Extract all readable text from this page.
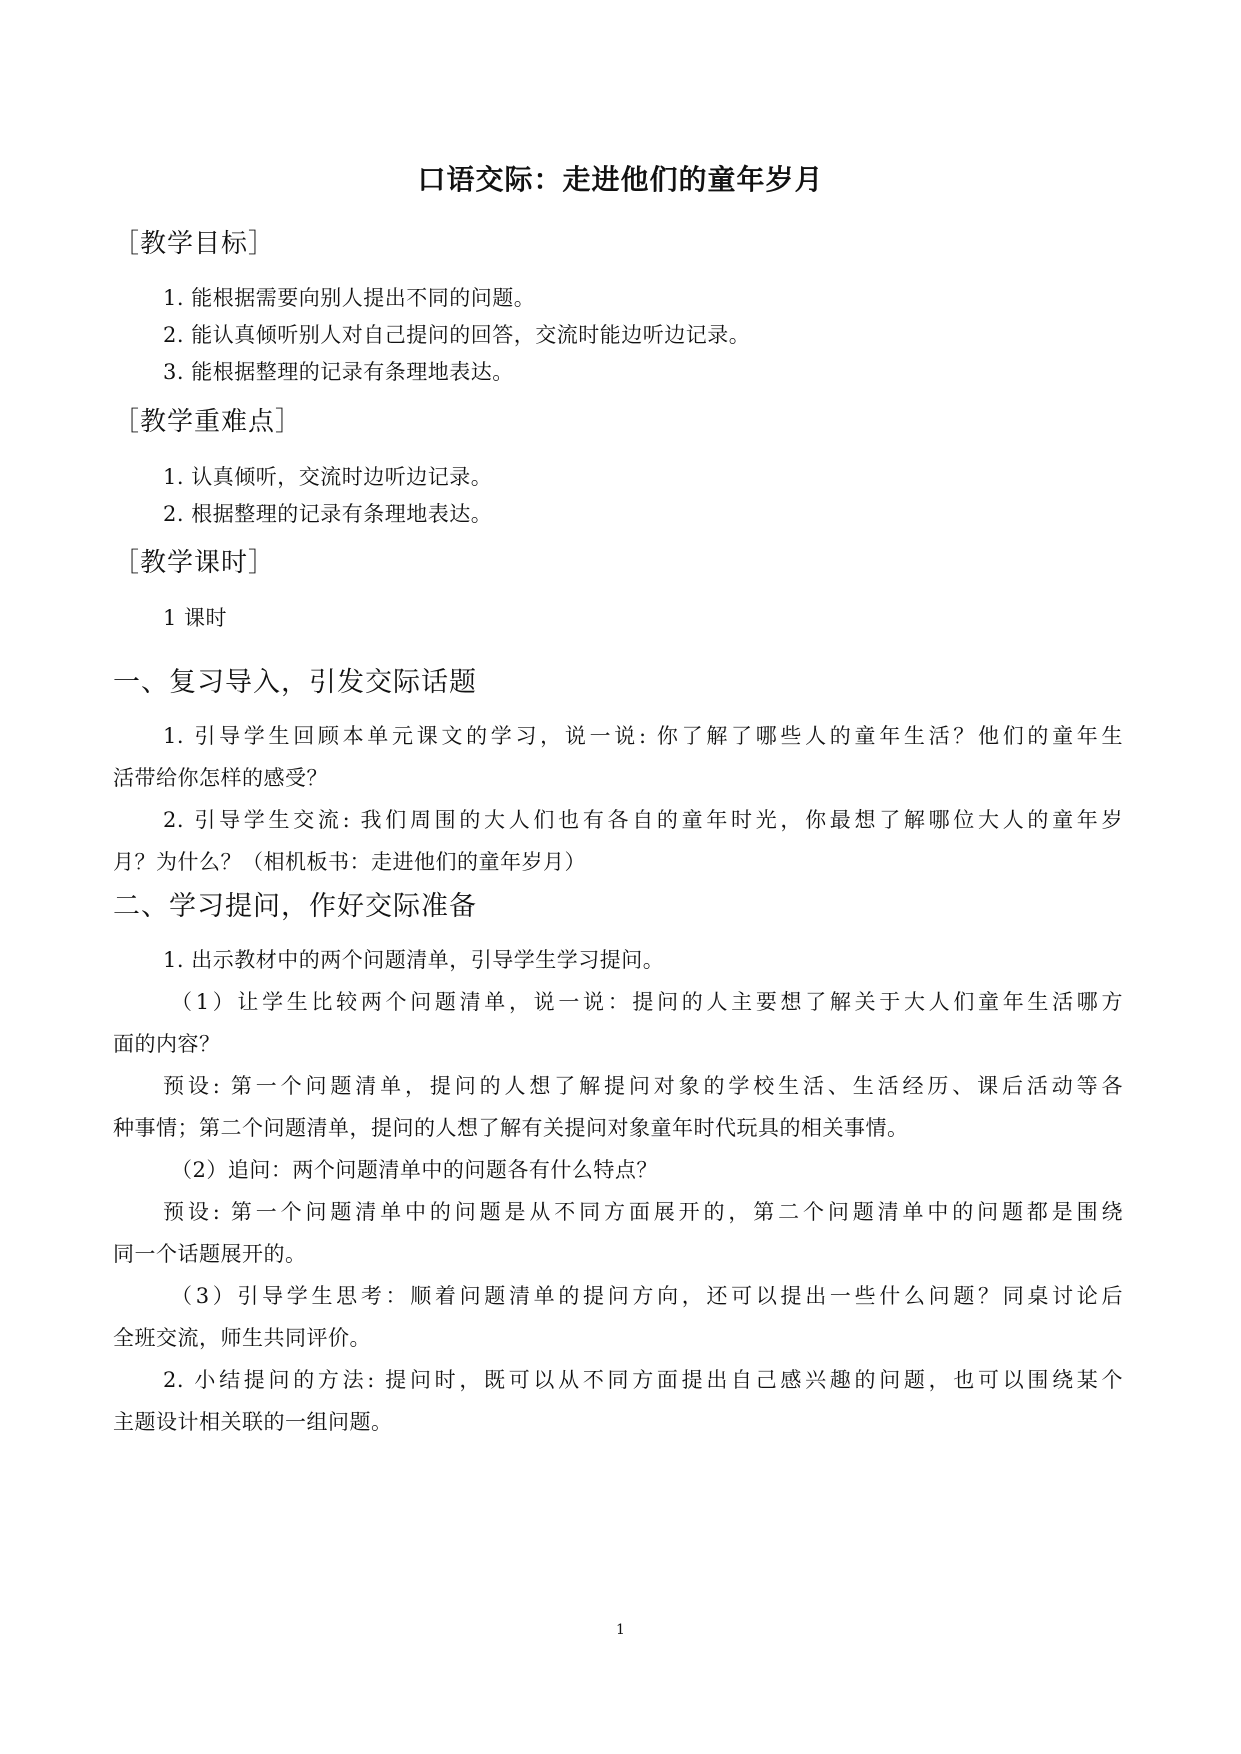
口语交际：走进他们的童年岁月
［教学目标］
1. 能根据需要向别人提出不同的问题。
2. 能认真倾听别人对自己提问的回答，交流时能边听边记录。
3. 能根据整理的记录有条理地表达。
［教学重难点］
1. 认真倾听，交流时边听边记录。
2. 根据整理的记录有条理地表达。
［教学课时］
1 课时
一、复习导入，引发交际话题
1. 引导学生回顾本单元课文的学习，说一说: 你了解了哪些人的童年生活？他们的童年生
活带给你怎样的感受？
2. 引导学生交流: 我们周围的大人们也有各自的童年时光，你最想了解哪位大人的童年岁
月？为什么？（相机板书：走进他们的童年岁月）
二、学习提问，作好交际准备
1. 出示教材中的两个问题清单，引导学生学习提问。
（1）让学生比较两个问题清单，说一说：提问的人主要想了解关于大人们童年生活哪方
面的内容？
预设: 第一个问题清单，提问的人想了解提问对象的学校生活、生活经历、课后活动等各
种事情；第二个问题清单，提问的人想了解有关提问对象童年时代玩具的相关事情。
（2）追问：两个问题清单中的问题各有什么特点？
预设: 第一个问题清单中的问题是从不同方面展开的，第二个问题清单中的问题都是围绕
同一个话题展开的。
（3）引导学生思考：顺着问题清单的提问方向，还可以提出一些什么问题？同桌讨论后
全班交流，师生共同评价。
2. 小结提问的方法: 提问时，既可以从不同方面提出自己感兴趣的问题，也可以围绕某个
主题设计相关联的一组问题。
1
